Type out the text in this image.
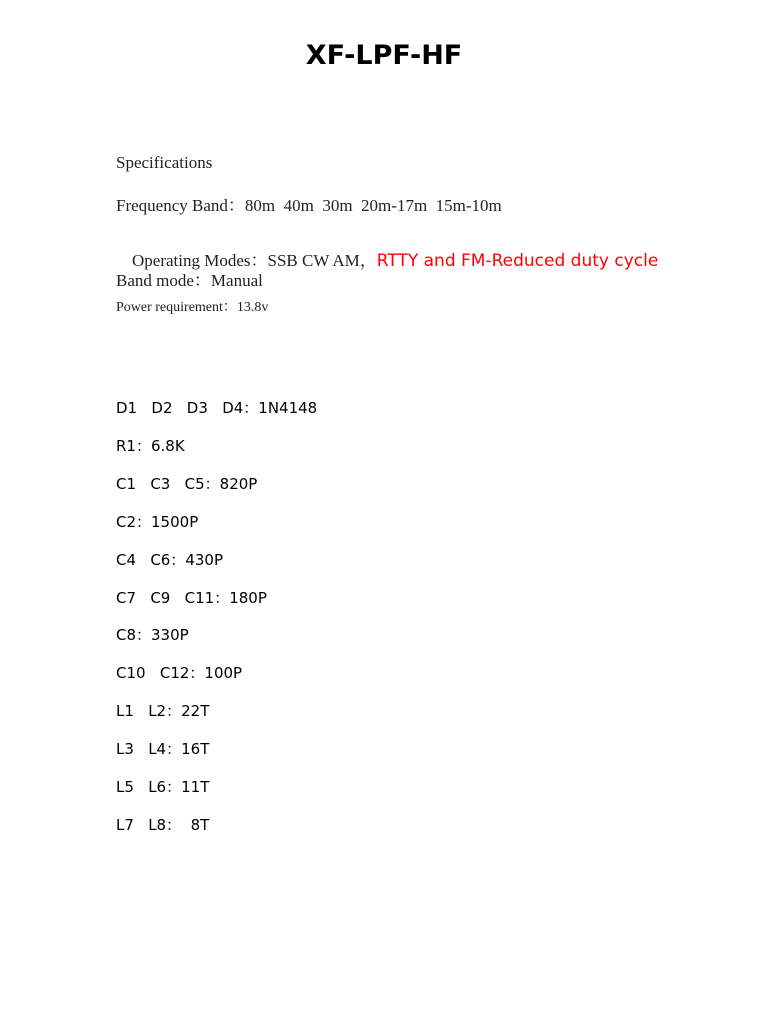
XF-LPF-HF
Specifications
Frequency Band：80m  40m  30m  20m-17m  15m-10m

Operating Modes：SSB CW AM，RTTY and FM-Reduced duty cycle

Band mode：Manual
Power requirement：13.8v
D1   D2   D3   D4：1N4148
R1：6.8K
C1   C3   C5：820P
C2：1500P
C4   C6：430P
C7   C9   C11：180P
C8：330P
C10   C12：100P
L1   L2：22T
L3   L4：16T
L5   L6：11T
L7   L8：  8T
